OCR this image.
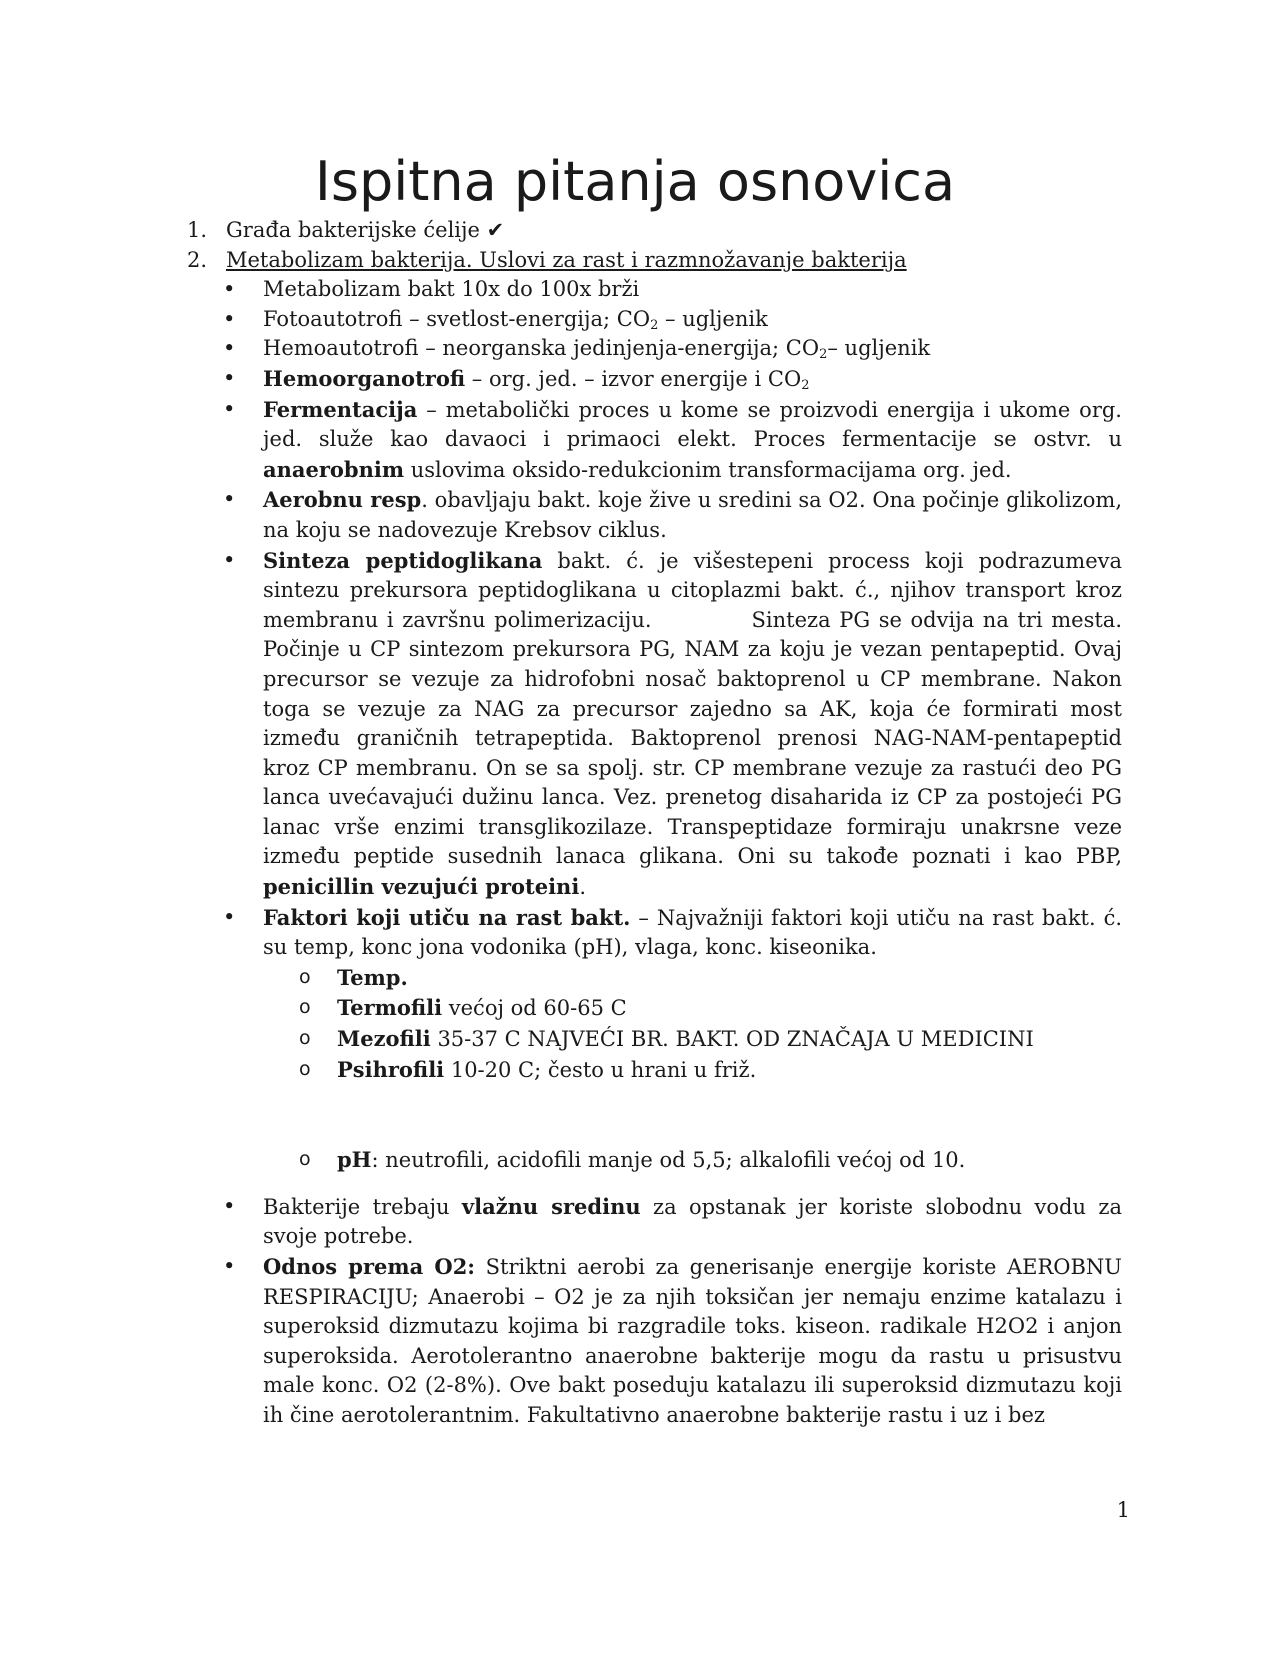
Ispitna pitanja osnovica
1. Građa bakterijske ćelije ✔
2. Metabolizam bakterija. Uslovi za rast i razmnožavanje bakterija
• Metabolizam bakt 10x do 100x brži
• Fotoautotrofi – svetlost-energija; $CO_2$ – ugljenik
• Hemoautotrofi – neorganska jedinjenja-energija; $CO_2-$ ugljenik
• Hemoorganotrofi – org. jed. – izvor energije i $CO_2$
• Fermentacija – metabolički proces u kome se proizvodi energija i ukome org. jed. služe kao davaoci i primaoci elekt. Proces fermentacije se ostvr. u anaerobnim uslovima oksido-redukcionim transformacijama org. jed.
• Aerobnu resp. obavljaju bakt. koje žive u sredini sa O2. Ona počinje glikolizom, na koju se nadovezuje Krebsov ciklus.
• Sinteza peptidoglikana bakt. ć. je višestepeni process koji podrazumeva sintezu prekursora peptidoglikana u citoplazmi bakt. ć., njihov transport kroz membranu i završnu polimerizaciju.	Sinteza PG se odvija na tri mesta. Počinje u CP sintezom prekursora PG, NAM za koju je vezan pentapeptid. Ovaj precursor se vezuje za hidrofobni nosač baktoprenol u CP membrane. Nakon toga se vezuje za NAG za precursor zajedno sa AK, koja će formirati most između graničnih tetrapeptida. Baktoprenol prenosi NAG-NAM-pentapeptid kroz CP membranu. On se sa spolj. str. CP membrane vezuje za rastući deo PG lanca uvećavajući dužinu lanca. Vez. prenetog disaharida iz CP za postojeći PG lanac vrše enzimi transglikozilaze. Transpeptidaze formiraju unakrsne veze između peptide susednih lanaca glikana. Oni su takođe poznati i kao PBP, penicillin vezujući proteini.
• Faktori koji utiču na rast bakt. – Najvažniji faktori koji utiču na rast bakt. ć. su temp, konc jona vodonika (pH), vlaga, konc. kiseonika.
o Temp.
o Termofili većoj od 60-65 C
o Mezofili 35-37 C NAJVEĆI BR. BAKT. OD ZNAČAJA U MEDICINI
o Psihrofili 10-20 C; često u hrani u friž.
o pH: neutrofili, acidofili manje od 5,5; alkalofili većoj od 10.
• Bakterije trebaju vlažnu sredinu za opstanak jer koriste slobodnu vodu za svoje potrebe.
• Odnos prema O2: Striktni aerobi za generisanje energije koriste AEROBNU RESPIRACIJU; Anaerobi – O2 je za njih toksičan jer nemaju enzime katalazu i superoksid dizmutazu kojima bi razgradile toks. kiseon. radikale H2O2 i anjon superoksida. Aerotolerantno anaerobne bakterije mogu da rastu u prisustvu male konc. O2 (2-8%). Ove bakt poseduju katalazu ili superoksid dizmutazu koji ih čine aerotolerantnim. Fakultativno anaerobne bakterije rastu i uz i bez
1
